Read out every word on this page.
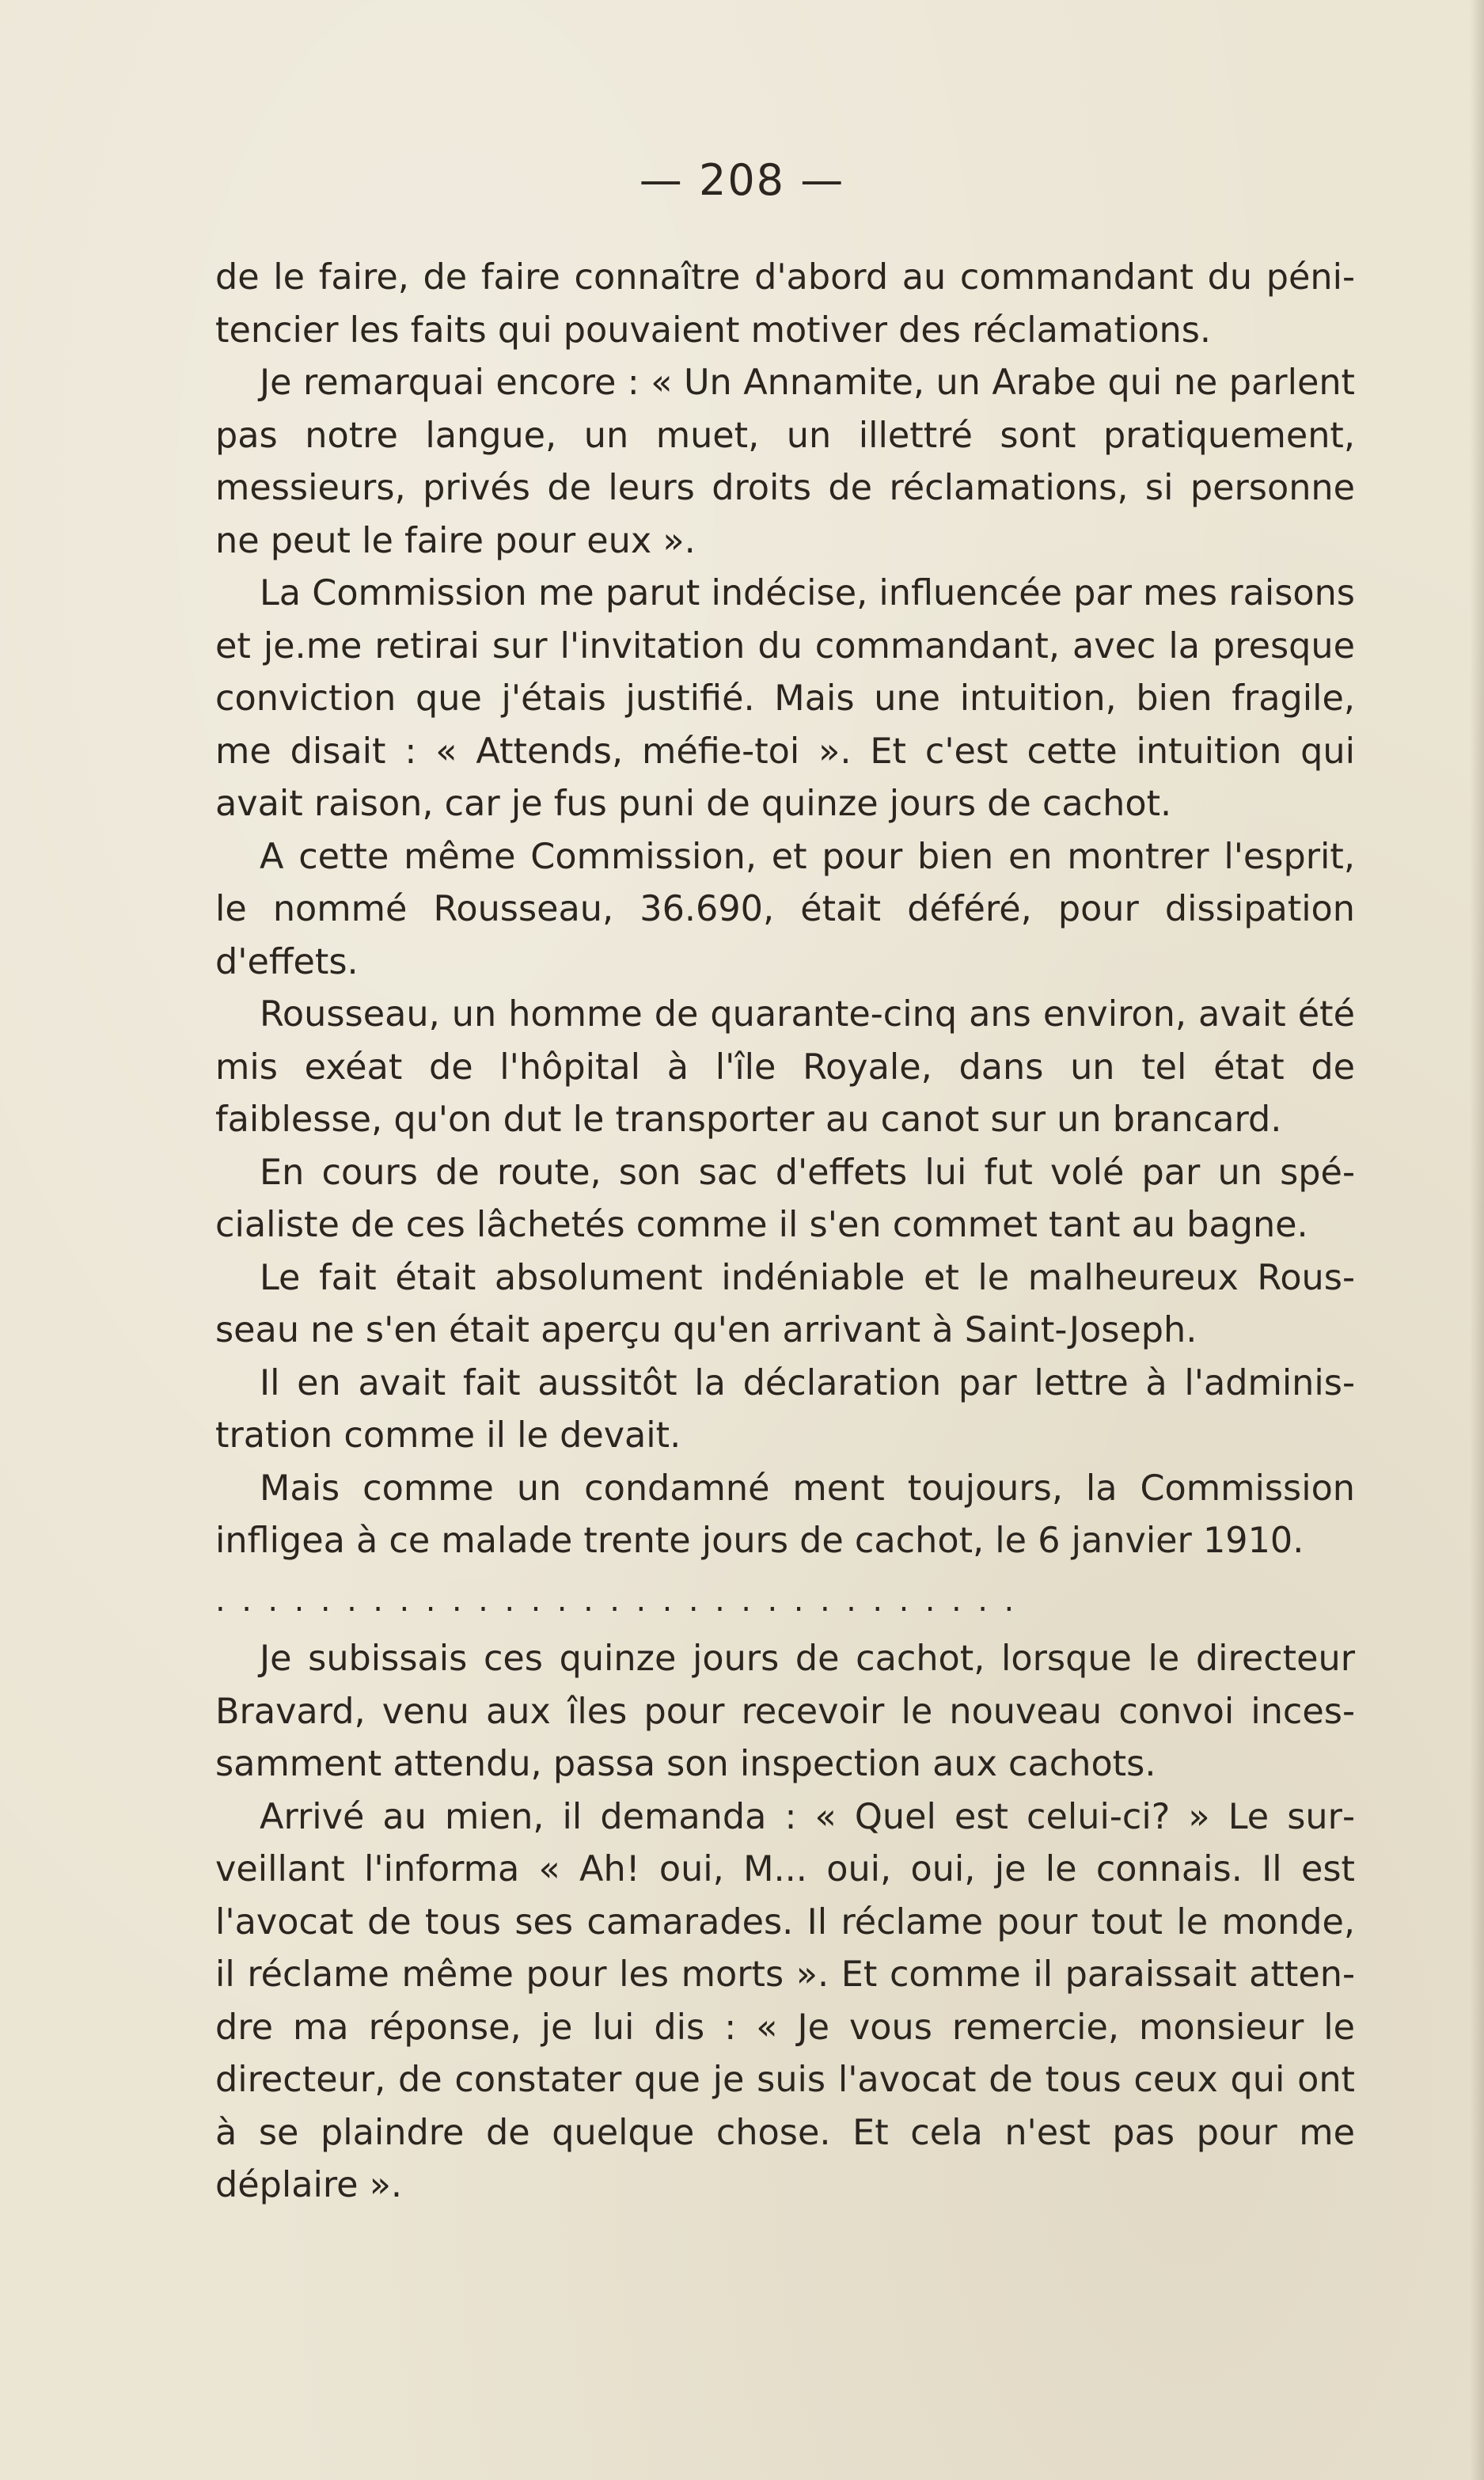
— 208 —

de le faire, de faire connaître d'abord au commandant du pénitencier les faits qui pouvaient motiver des réclamations.

Je remarquai encore : « Un Annamite, un Arabe qui ne parlent pas notre langue, un muet, un illettré sont pratiquement, messieurs, privés de leurs droits de réclamations, si personne ne peut le faire pour eux ».

La Commission me parut indécise, influencée par mes raisons et je.me retirai sur l'invitation du commandant, avec la presque conviction que j'étais justifié. Mais une intuition, bien fragile, me disait : « Attends, méfie-toi ». Et c'est cette intuition qui avait raison, car je fus puni de quinze jours de cachot.

A cette même Commission, et pour bien en montrer l'esprit, le nommé Rousseau, 36.690, était déféré, pour dissipation d'effets.

Rousseau, un homme de quarante-cinq ans environ, avait été mis exéat de l'hôpital à l'île Royale, dans un tel état de faiblesse, qu'on dut le transporter au canot sur un brancard.

En cours de route, son sac d'effets lui fut volé par un spécialiste de ces lâchetés comme il s'en commet tant au bagne.

Le fait était absolument indéniable et le malheureux Rousseau ne s'en était aperçu qu'en arrivant à Saint-Joseph.

Il en avait fait aussitôt la déclaration par lettre à l'administration comme il le devait.

Mais comme un condamné ment toujours, la Commission infligea à ce malade trente jours de cachot, le 6 janvier 1910.

...............................

Je subissais ces quinze jours de cachot, lorsque le directeur Bravard, venu aux îles pour recevoir le nouveau convoi incessamment attendu, passa son inspection aux cachots.

Arrivé au mien, il demanda : « Quel est celui-ci? » Le surveillant l'informa « Ah! oui, M... oui, oui, je le connais. Il est l'avocat de tous ses camarades. Il réclame pour tout le monde, il réclame même pour les morts ». Et comme il paraissait attendre ma réponse, je lui dis : « Je vous remercie, monsieur le directeur, de constater que je suis l'avocat de tous ceux qui ont à se plaindre de quelque chose. Et cela n'est pas pour me déplaire ».
